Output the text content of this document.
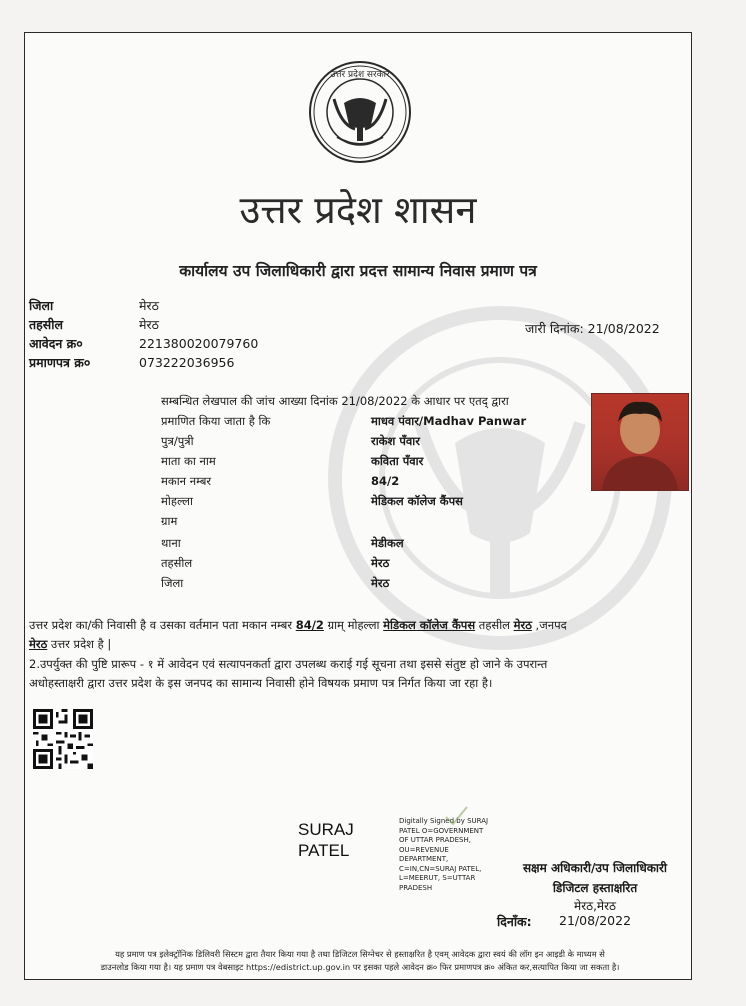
उत्तर प्रदेश सरकार
उत्तर प्रदेश शासन
कार्यालय उप जिलाधिकारी द्वारा प्रदत्त सामान्य निवास प्रमाण पत्र
जिला	मेरठ
तहसील	मेरठ
आवेदन क्र०	221380020079760
प्रमाणपत्र क्र०	073222036956
जारी दिनांक: 21/08/2022
सम्बन्धित लेखपाल की जांच आख्या दिनांक 21/08/2022 के आधार पर एतद् द्वारा
प्रमाणित किया जाता है कि	माधव पंवार/Madhav Panwar
पुत्र/पुत्री	राकेश पँवार
माता का नाम	कविता पँवार
मकान नम्बर	84/2
मोहल्ला	मेडिकल कॉलेज कैंपस
ग्राम
थाना	मेडीकल
तहसील	मेरठ
जिला	मेरठ
उत्तर प्रदेश का/की निवासी है व उसका वर्तमान पता मकान नम्बर 84/2 ग्राम् मोहल्ला मेडिकल कॉलेज कैंपस तहसील मेरठ ,जनपद
मेरठ उत्तर प्रदेश है |
2.उपर्युक्त की पुष्टि प्रारूप - १ में आवेदन एवं सत्यापनकर्ता द्वारा उपलब्ध कराई गई सूचना तथा इससे संतुष्ट हो जाने के उपरान्त
अधोहस्ताक्षरी द्वारा उत्तर प्रदेश के इस जनपद का सामान्य निवासी होने विषयक प्रमाण पत्र निर्गत किया जा रहा है।
SURAJ
PATEL
Digitally Signed by SURAJ
PATEL O=GOVERNMENT
OF UTTAR PRADESH,
OU=REVENUE
DEPARTMENT,
C=IN,CN=SURAJ PATEL,
L=MEERUT, S=UTTAR
PRADESH
सक्षम अधिकारी/उप जिलाधिकारी
डिजिटल हस्ताक्षरित
मेरठ,मेरठ
दिनाँक: 21/08/2022
यह प्रमाण पत्र इलेक्ट्रॉनिक डिलिवरी सिस्टम द्वारा तैयार किया गया है तथा डिजिटल सिग्नेचर से हस्ताक्षरित है एवम् आवेदक द्वारा स्वयं की लॉग इन आइडी के माध्यम से
डाउनलोड किया गया है। यह प्रमाण पत्र वेबसाइट https://edistrict.up.gov.in पर इसका पहले आवेदन क्र० फिर प्रमाणपत्र क्र० अंकित कर,सत्यापित किया जा सकता है।
